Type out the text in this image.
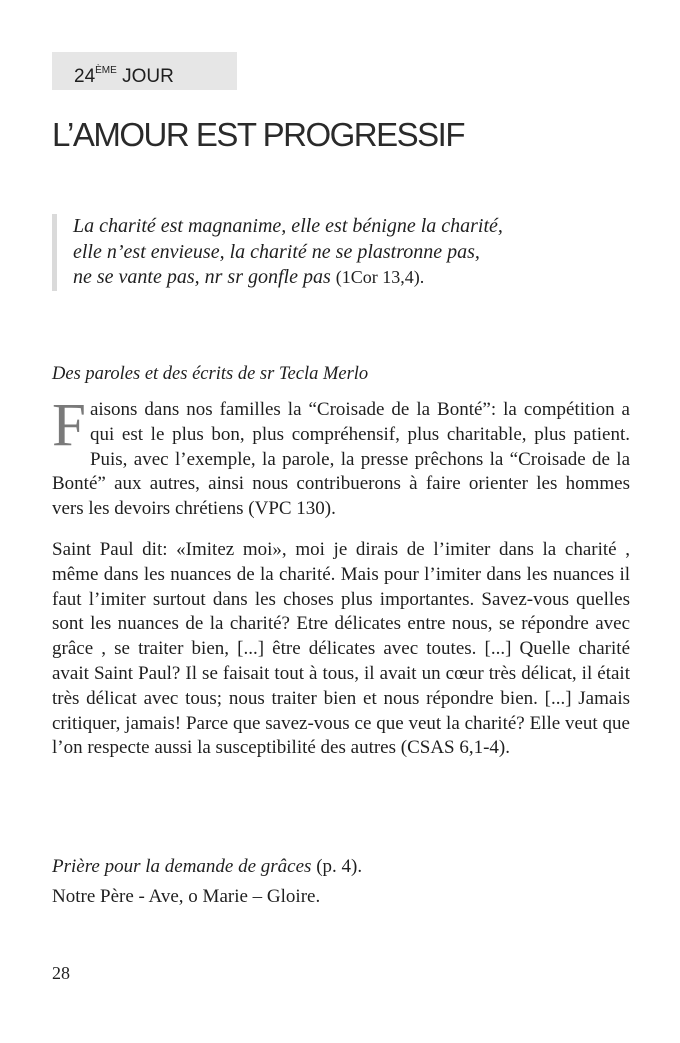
24ÈME JOUR
L’AMOUR EST PROGRESSIF
La charité est magnanime, elle est bénigne la charité,
elle n’est envieuse, la charité ne se plastronne pas,
ne se vante pas, nr sr gonfle pas (1Cor 13,4).
Des paroles et des écrits de sr Tecla Merlo

Faisons dans nos familles la “Croisade de la Bonté”: la compétition a qui est le plus bon, plus compréhensif, plus charitable, plus patient. Puis, avec l’exemple, la parole, la presse prêchons la “Croisade de la Bonté” aux autres, ainsi nous contribuerons à faire orienter les hommes vers les devoirs chrétiens (VPC 130).

Saint Paul dit: «Imitez moi», moi je dirais de l’imiter dans la charité , même dans les nuances de la charité. Mais pour l’imiter dans les nuances il faut l’imiter surtout dans les choses plus importantes. Savez-vous quelles sont les nuances de la charité? Etre délicates entre nous, se répondre avec grâce , se traiter bien, [...] être délicates avec toutes. [...] Quelle charité avait Saint Paul? Il se faisait tout à tous, il avait un cœur très délicat, il était très délicat avec tous; nous traiter bien et nous répondre bien. [...] Jamais critiquer, jamais! Parce que savez-vous ce que veut la charité? Elle veut que l’on respecte aussi la susceptibilité des autres (CSAS 6,1-4).

Prière pour la demande de grâces (p. 4).
Notre Père - Ave, o Marie – Gloire.
28
